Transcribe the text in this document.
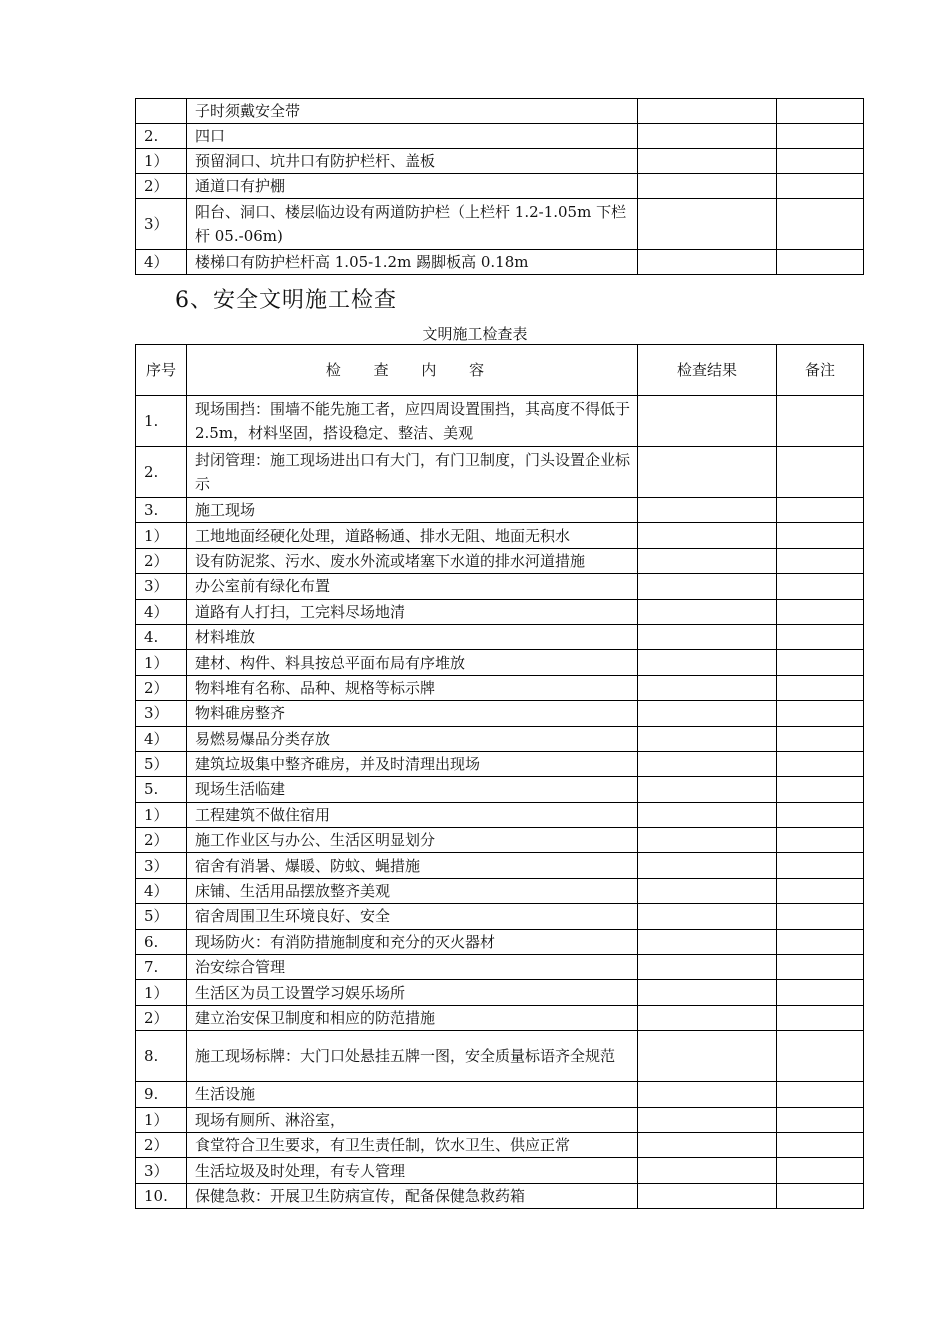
	子时须戴安全带		
2.	四口		
1）	预留洞口、坑井口有防护栏杆、盖板		
2）	通道口有护棚		
3）	阳台、洞口、楼层临边设有两道防护栏（上栏杆 1.2-1.05m 下栏杆 05.-06m)		
4）	楼梯口有防护栏杆高 1.05-1.2m 踢脚板高 0.18m		
6、安全文明施工检查
文明施工检查表
序号	检 查 内 容	检查结果	备注
1.	现场围挡：围墙不能先施工者，应四周设置围挡，其高度不得低于 2.5m，材料坚固，搭设稳定、整洁、美观		
2.	封闭管理：施工现场进出口有大门，有门卫制度，门头设置企业标示		
3.	施工现场		
1）	工地地面经硬化处理，道路畅通、排水无阻、地面无积水		
2）	设有防泥浆、污水、废水外流或堵塞下水道的排水河道措施		
3）	办公室前有绿化布置		
4）	道路有人打扫，工完料尽场地清		
4.	材料堆放		
1）	建材、构件、料具按总平面布局有序堆放		
2）	物料堆有名称、品种、规格等标示牌		
3）	物料碓房整齐		
4）	易燃易爆品分类存放		
5）	建筑垃圾集中整齐碓房，并及时清理出现场		
5.	现场生活临建		
1）	工程建筑不做住宿用		
2）	施工作业区与办公、生活区明显划分		
3）	宿舍有消暑、爆暖、防蚊、蝇措施		
4）	床铺、生活用品摆放整齐美观		
5）	宿舍周围卫生环境良好、安全		
6.	现场防火：有消防措施制度和充分的灭火器材		
7.	治安综合管理		
1）	生活区为员工设置学习娱乐场所		
2）	建立治安保卫制度和相应的防范措施		
8.	施工现场标牌：大门口处悬挂五牌一图，安全质量标语齐全规范		
9.	生活设施		
1）	现场有厕所、淋浴室，		
2）	食堂符合卫生要求，有卫生责任制，饮水卫生、供应正常		
3）	生活垃圾及时处理，有专人管理		
10.	保健急救：开展卫生防病宣传，配备保健急救药箱		
